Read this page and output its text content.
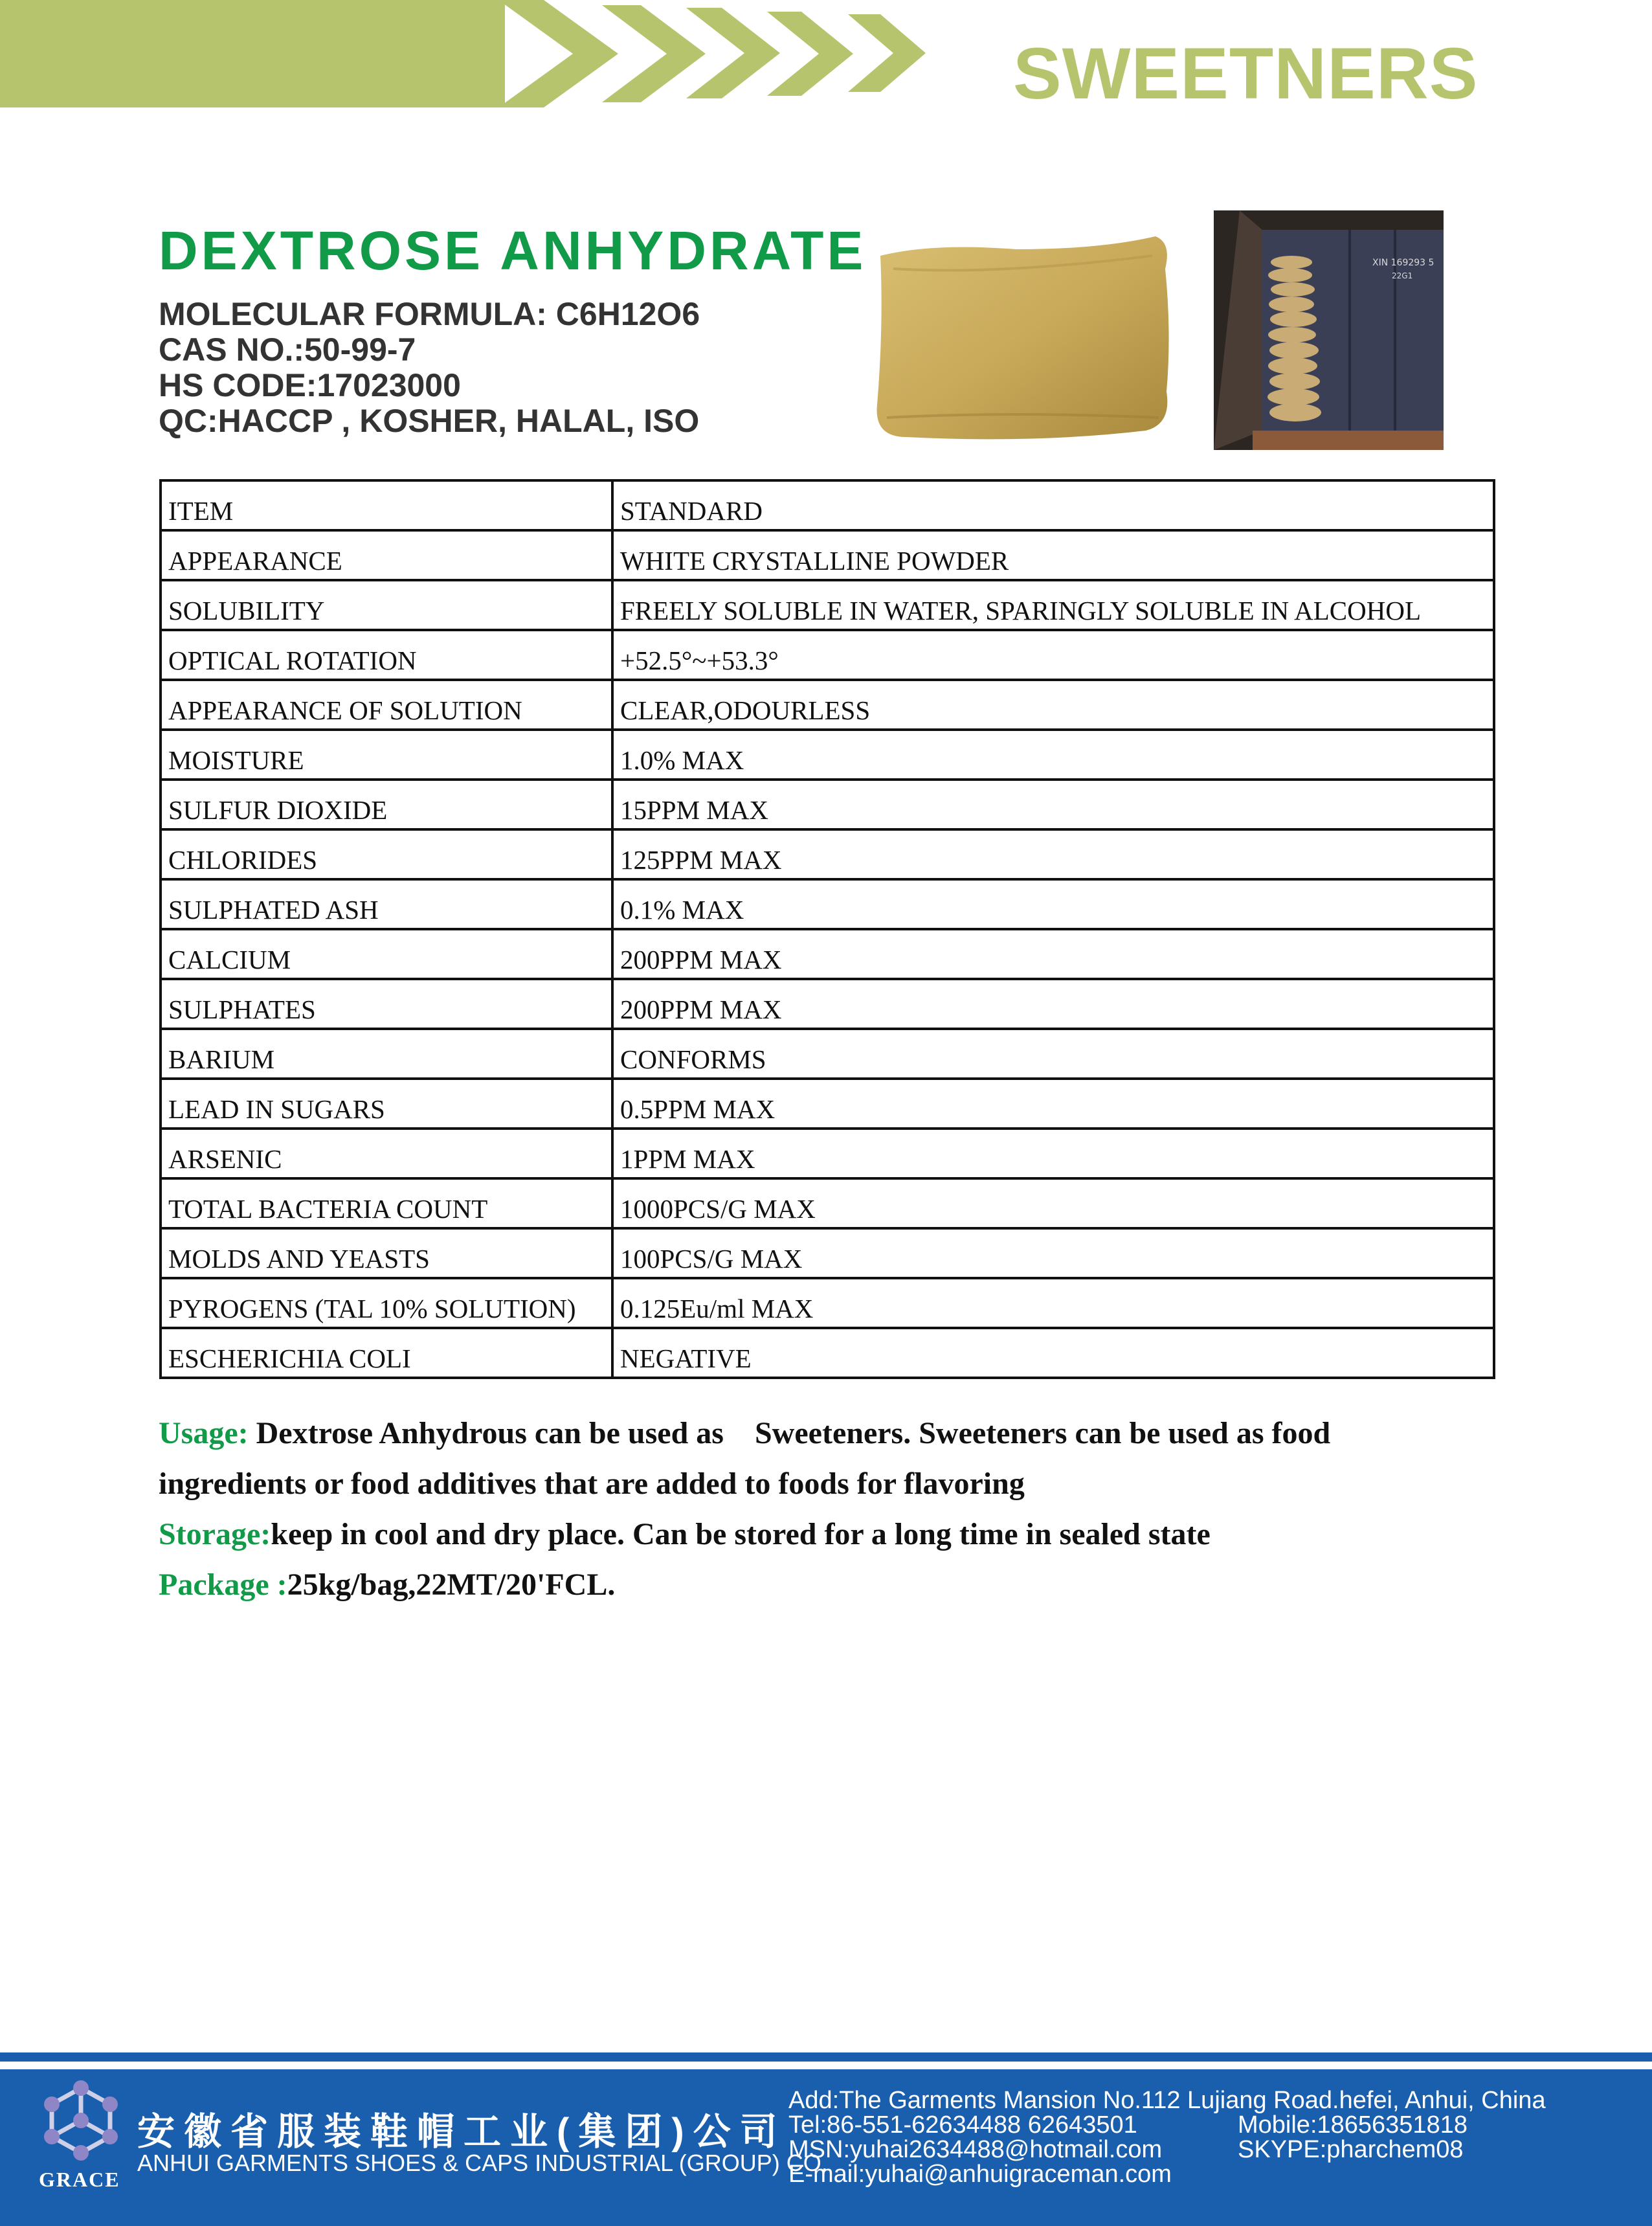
SWEETNERS
DEXTROSE ANHYDRATE
MOLECULAR FORMULA: C6H12O6
CAS NO.:50-99-7
HS CODE:17023000
QC:HACCP , KOSHER, HALAL, ISO
XIN 169293 5
22G1
ITEM	STANDARD
APPEARANCE	WHITE CRYSTALLINE POWDER
SOLUBILITY	FREELY SOLUBLE IN WATER, SPARINGLY SOLUBLE IN ALCOHOL
OPTICAL ROTATION	+52.5°~+53.3°
APPEARANCE OF SOLUTION	CLEAR,ODOURLESS
MOISTURE	1.0% MAX
SULFUR DIOXIDE	15PPM MAX
CHLORIDES	125PPM MAX
SULPHATED ASH	0.1% MAX
CALCIUM	200PPM MAX
SULPHATES	200PPM MAX
BARIUM	CONFORMS
LEAD IN SUGARS	0.5PPM MAX
ARSENIC	1PPM MAX
TOTAL BACTERIA COUNT	1000PCS/G MAX
MOLDS AND YEASTS	100PCS/G MAX
PYROGENS (TAL 10% SOLUTION)	0.125Eu/ml MAX
ESCHERICHIA COLI	NEGATIVE
Usage: Dextrose Anhydrous can be used as    Sweeteners. Sweeteners can be used as food
ingredients or food additives that are added to foods for flavoring
Storage:keep in cool and dry place. Can be stored for a long time in sealed state
Package :25kg/bag,22MT/20'FCL.
GRACE
安徽省服装鞋帽工业(集团)公司
ANHUI GARMENTS SHOES & CAPS INDUSTRIAL (GROUP) CO.
Add:The Garments Mansion No.112 Lujiang Road.hefei, Anhui, China
Tel:86-551-62634488 62643501	Mobile:18656351818
MSN:yuhai2634488@hotmail.com	SKYPE:pharchem08
E-mail:yuhai@anhuigraceman.com
